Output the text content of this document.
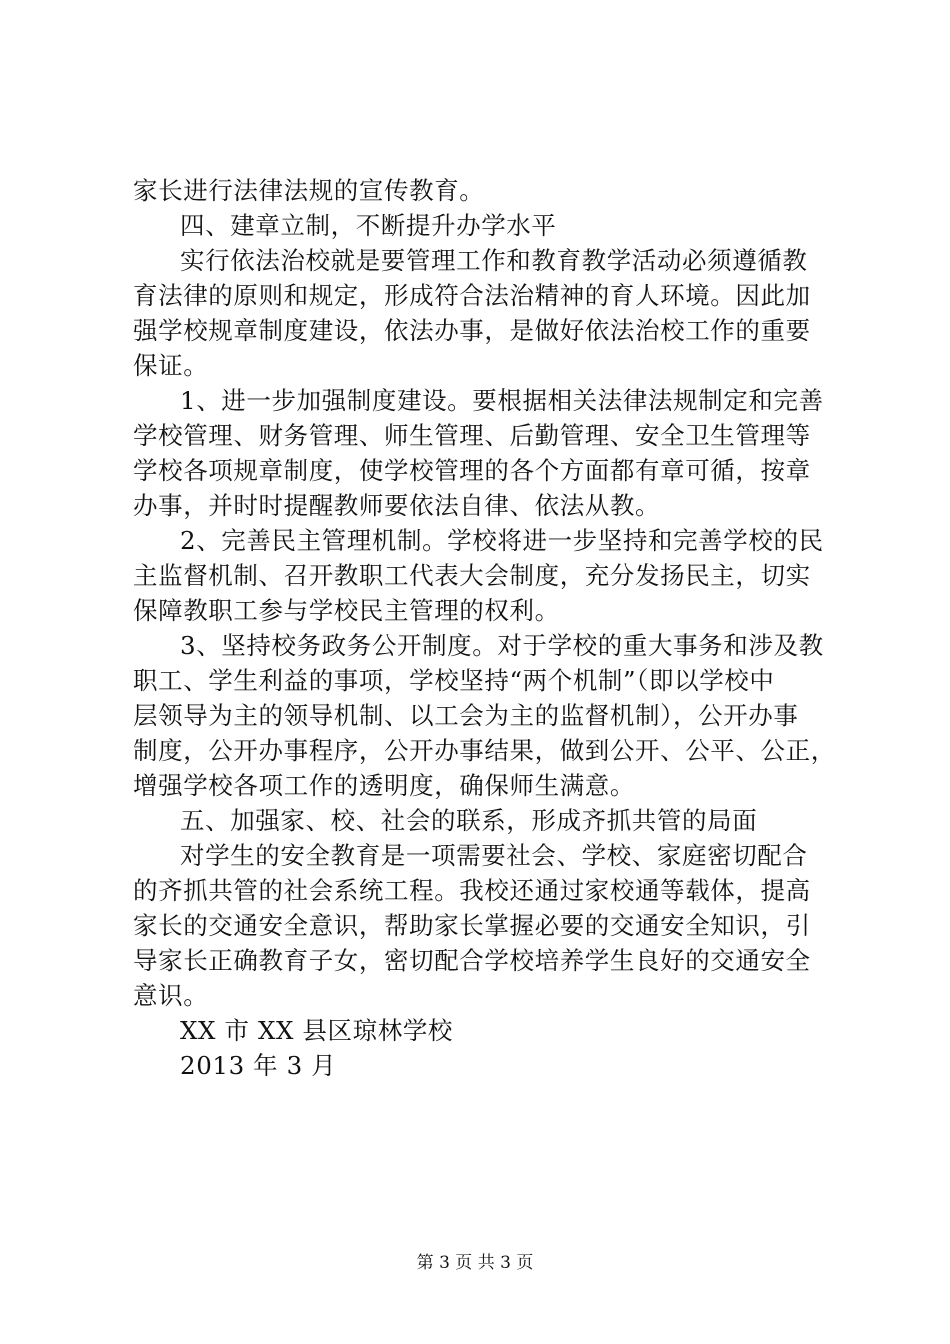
家长进行法律法规的宣传教育。
四、建章立制，不断提升办学水平
实行依法治校就是要管理工作和教育教学活动必须遵循教
育法律的原则和规定，形成符合法治精神的育人环境。因此加
强学校规章制度建设，依法办事，是做好依法治校工作的重要
保证。
1、进一步加强制度建设。要根据相关法律法规制定和完善
学校管理、财务管理、师生管理、后勤管理、安全卫生管理等
学校各项规章制度，使学校管理的各个方面都有章可循，按章
办事，并时时提醒教师要依法自律、依法从教。
2、完善民主管理机制。学校将进一步坚持和完善学校的民
主监督机制、召开教职工代表大会制度，充分发扬民主，切实
保障教职工参与学校民主管理的权利。
3、坚持校务政务公开制度。对于学校的重大事务和涉及教
职工、学生利益的事项，学校坚持“两个机制”（即以学校中
层领导为主的领导机制、以工会为主的监督机制），公开办事
制度，公开办事程序，公开办事结果，做到公开、公平、公正，
增强学校各项工作的透明度，确保师生满意。
五、加强家、校、社会的联系，形成齐抓共管的局面
对学生的安全教育是一项需要社会、学校、家庭密切配合
的齐抓共管的社会系统工程。我校还通过家校通等载体，提高
家长的交通安全意识，帮助家长掌握必要的交通安全知识，引
导家长正确教育子女，密切配合学校培养学生良好的交通安全
意识。
XX 市 XX 县区琼林学校
2013 年 3 月
第 3 页 共 3 页
